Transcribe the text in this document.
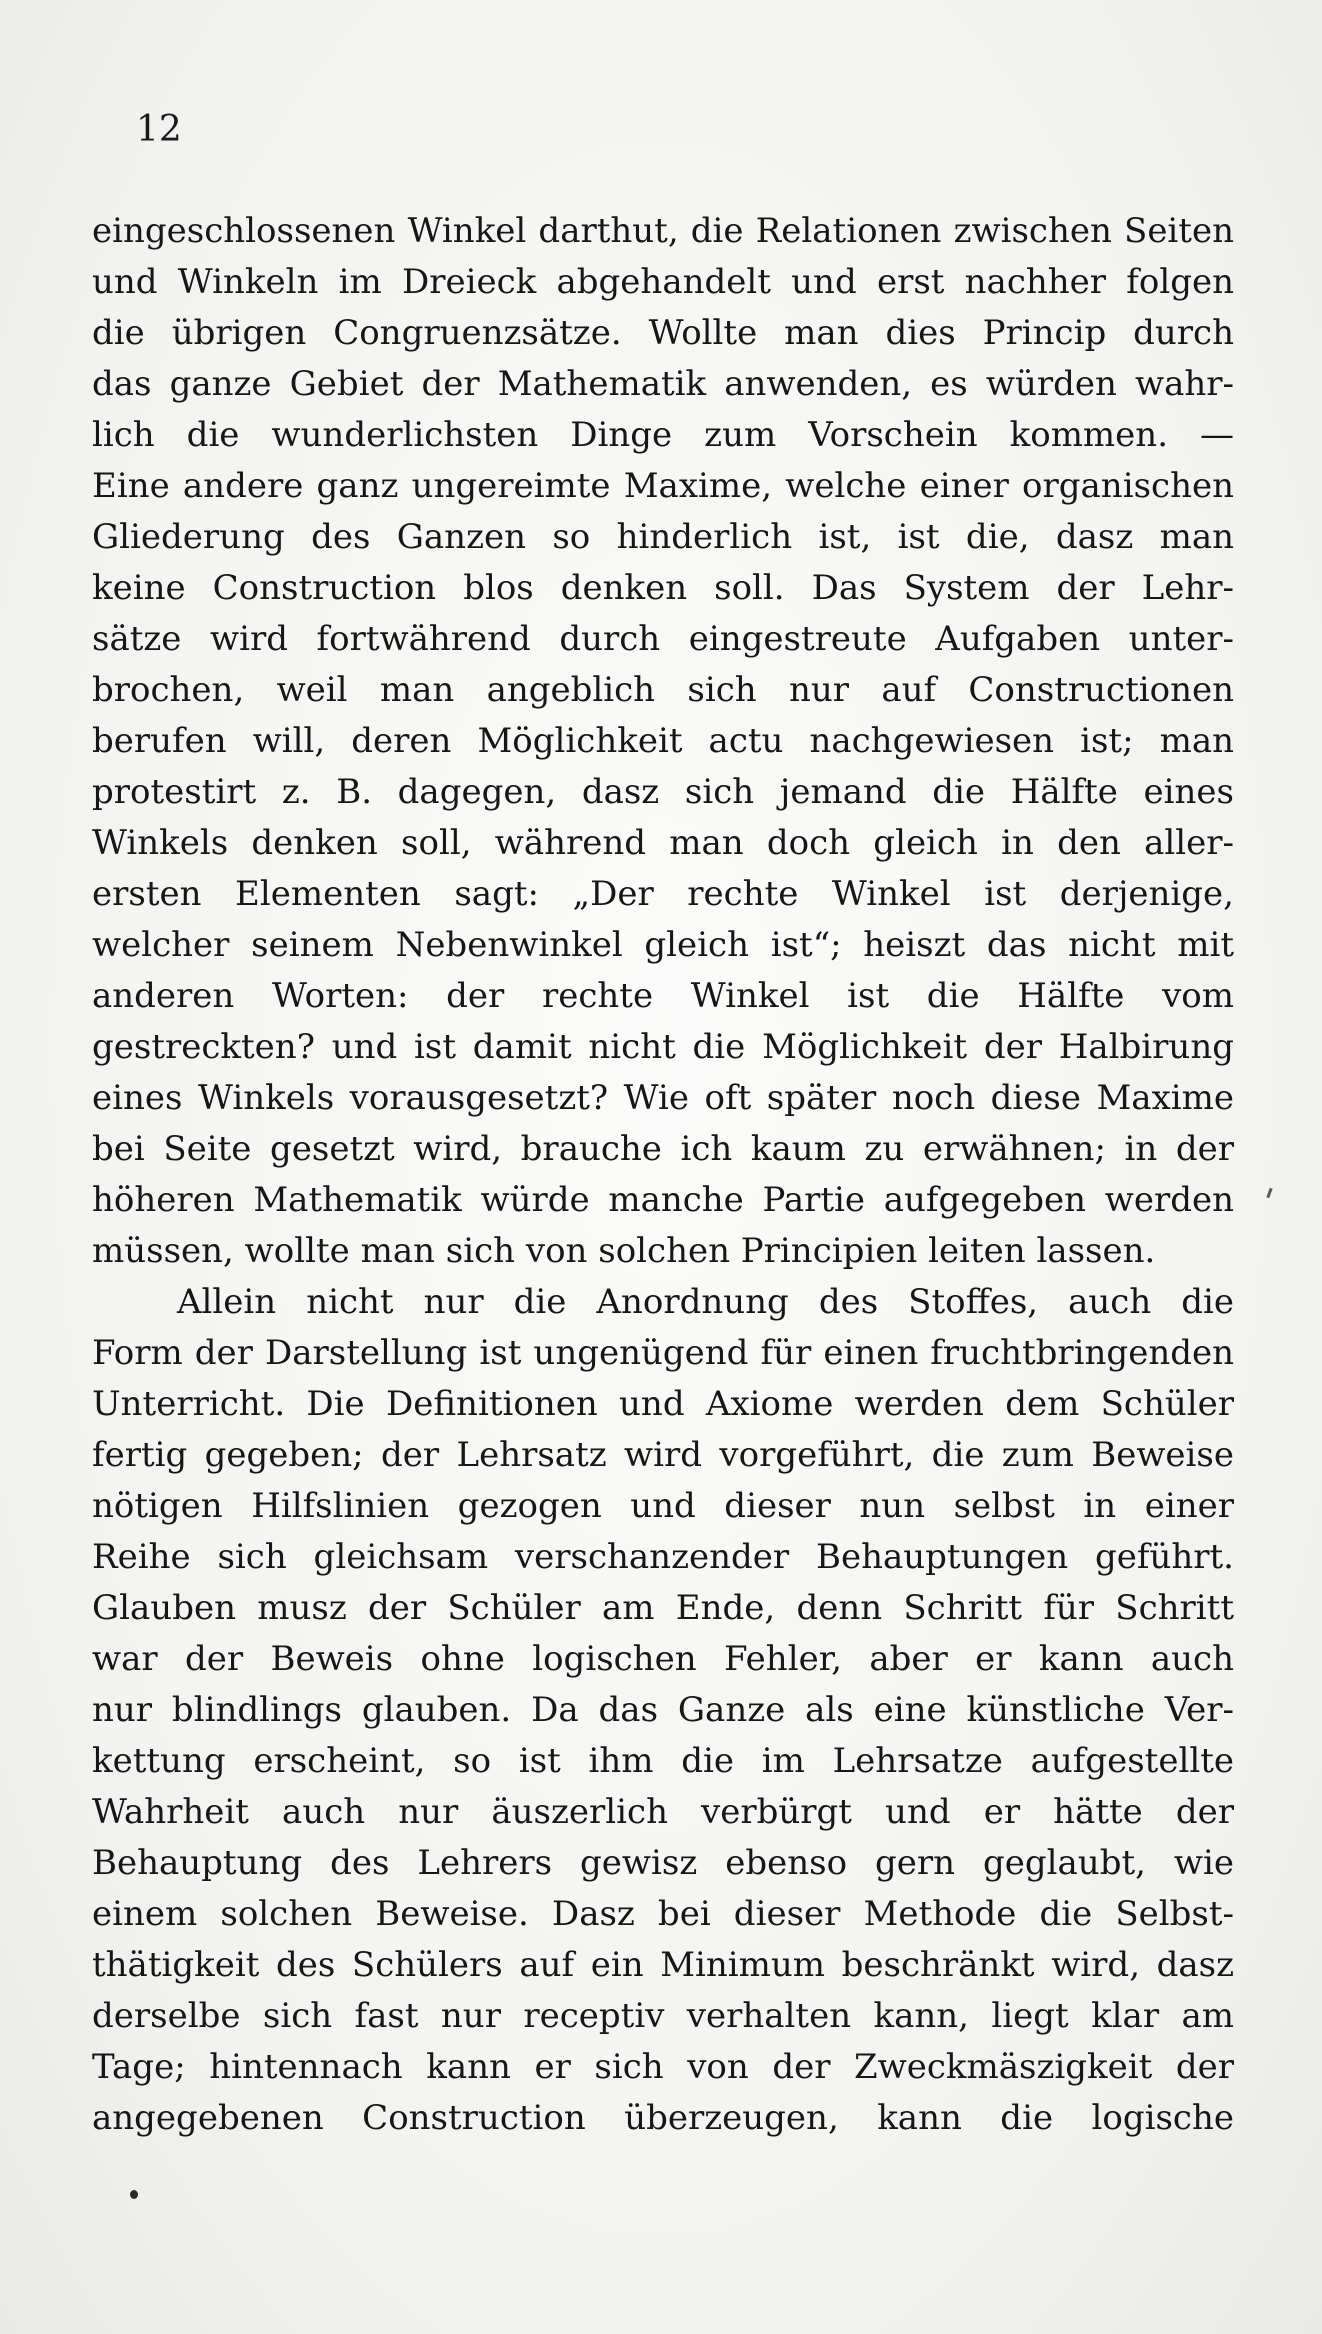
12
eingeschlossenen Winkel darthut, die Relationen zwischen Seiten
und Winkeln im Dreieck abgehandelt und erst nachher folgen
die übrigen Congruenzsätze. Wollte man dies Princip durch
das ganze Gebiet der Mathematik anwenden, es würden wahr-
lich die wunderlichsten Dinge zum Vorschein kommen. —
Eine andere ganz ungereimte Maxime, welche einer organischen
Gliederung des Ganzen so hinderlich ist, ist die, dasz man
keine Construction blos denken soll. Das System der Lehr-
sätze wird fortwährend durch eingestreute Aufgaben unter-
brochen, weil man angeblich sich nur auf Constructionen
berufen will, deren Möglichkeit actu nachgewiesen ist; man
protestirt z. B. dagegen, dasz sich jemand die Hälfte eines
Winkels denken soll, während man doch gleich in den aller-
ersten Elementen sagt: „Der rechte Winkel ist derjenige,
welcher seinem Nebenwinkel gleich ist“; heiszt das nicht mit
anderen Worten: der rechte Winkel ist die Hälfte vom
gestreckten? und ist damit nicht die Möglichkeit der Halbirung
eines Winkels vorausgesetzt? Wie oft später noch diese Maxime
bei Seite gesetzt wird, brauche ich kaum zu erwähnen; in der
höheren Mathematik würde manche Partie aufgegeben werden
müssen, wollte man sich von solchen Principien leiten lassen.
Allein nicht nur die Anordnung des Stoffes, auch die
Form der Darstellung ist ungenügend für einen fruchtbringenden
Unterricht. Die Definitionen und Axiome werden dem Schüler
fertig gegeben; der Lehrsatz wird vorgeführt, die zum Beweise
nötigen Hilfslinien gezogen und dieser nun selbst in einer
Reihe sich gleichsam verschanzender Behauptungen geführt.
Glauben musz der Schüler am Ende, denn Schritt für Schritt
war der Beweis ohne logischen Fehler, aber er kann auch
nur blindlings glauben. Da das Ganze als eine künstliche Ver-
kettung erscheint, so ist ihm die im Lehrsatze aufgestellte
Wahrheit auch nur äuszerlich verbürgt und er hätte der
Behauptung des Lehrers gewisz ebenso gern geglaubt, wie
einem solchen Beweise. Dasz bei dieser Methode die Selbst-
thätigkeit des Schülers auf ein Minimum beschränkt wird, dasz
derselbe sich fast nur receptiv verhalten kann, liegt klar am
Tage; hintennach kann er sich von der Zweckmäszigkeit der
angegebenen Construction überzeugen, kann die logische
